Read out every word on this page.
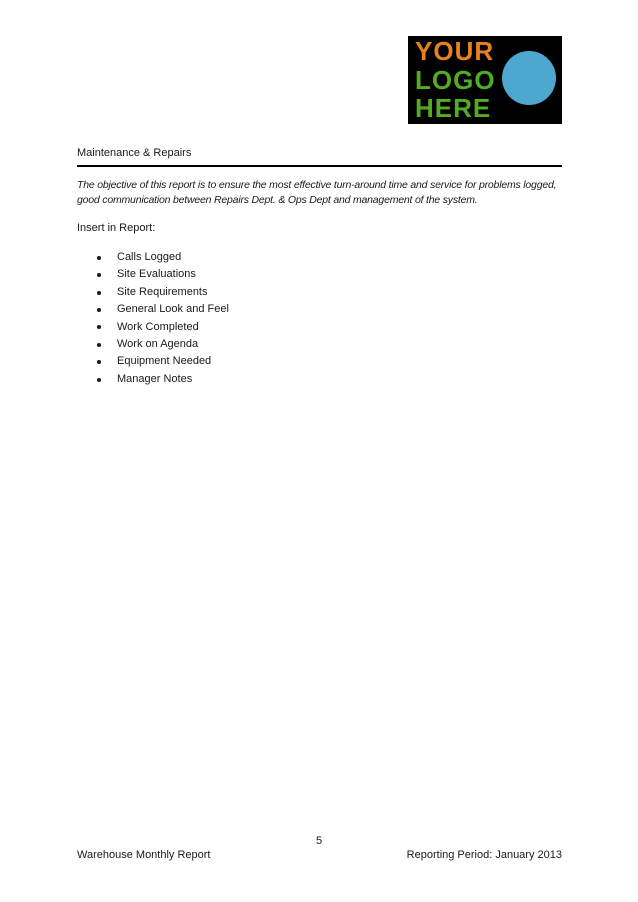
YOUR
LOGO
HERE
Maintenance & Repairs

The objective of this report is to ensure the most effective turn-around time and service for problems logged, good communication between Repairs Dept. & Ops Dept and management of the system.

Insert in Report:

Calls Logged
Site Evaluations
Site Requirements
General Look and Feel
Work Completed
Work on Agenda
Equipment Needed
Manager Notes
5
Warehouse Monthly Report	Reporting Period: January 2013
